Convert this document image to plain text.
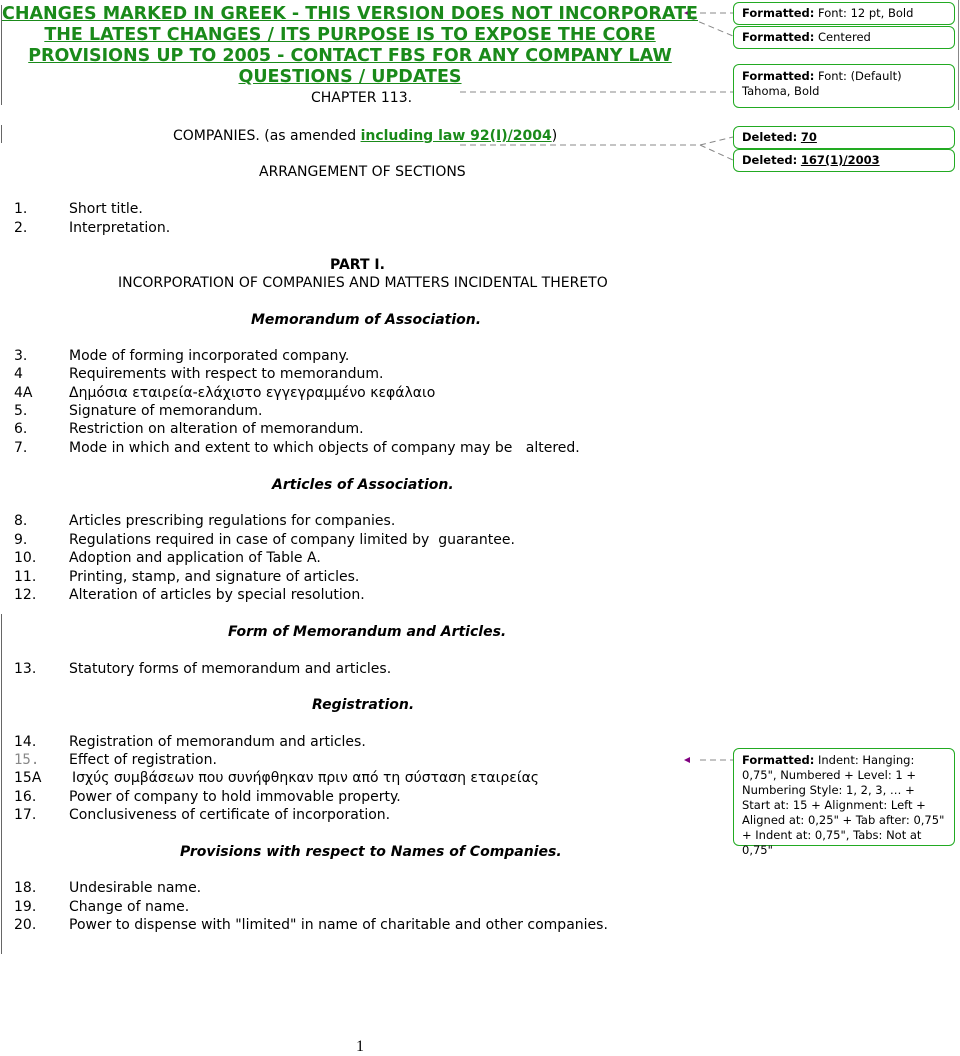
CHANGES MARKED IN GREEK - THIS VERSION DOES NOT INCORPORATE
THE LATEST CHANGES / ITS PURPOSE IS TO EXPOSE THE CORE
PROVISIONS UP TO 2005 - CONTACT FBS FOR ANY COMPANY LAW
QUESTIONS / UPDATES
CHAPTER 113.
COMPANIES. (as amended including law 92(I)/2004)
ARRANGEMENT OF SECTIONS
1.	Short title.
2.	Interpretation.
PART I.
INCORPORATION OF COMPANIES AND MATTERS INCIDENTAL THERETO
Memorandum of Association.
3.	Mode of forming incorporated company.
4	Requirements with respect to memorandum.
4A	Δημόσια εταιρεία-ελάχιστο εγγεγραμμένο κεφάλαιο
5.	Signature of memorandum.
6.	Restriction on alteration of memorandum.
7.	Mode in which and extent to which objects of company may be   altered.
Articles of Association.
8.	Articles prescribing regulations for companies.
9.	Regulations required in case of company limited by  guarantee.
10. Adoption and application of Table A.
11. Printing, stamp, and signature of articles.
12. Alteration of articles by special resolution.
Form of Memorandum and Articles.
13. Statutory forms of memorandum and articles.
Registration.
14. Registration of memorandum and articles.
15. Effect of registration.
15A Ισχύς συμβάσεων που συνήφθηκαν πριν από τη σύσταση εταιρείας
16. Power of company to hold immovable property.
17. Conclusiveness of certificate of incorporation.
Provisions with respect to Names of Companies.
18. Undesirable name.
19. Change of name.
20. Power to dispense with "limited" in name of charitable and other companies.
Formatted: Font: 12 pt, Bold
Formatted: Centered
Formatted: Font: (Default) Tahoma, Bold
Deleted: 70
Deleted: 167(1)/2003
Formatted: Indent: Hanging: 0,75", Numbered + Level: 1 + Numbering Style: 1, 2, 3, … + Start at: 15 + Alignment: Left + Aligned at: 0,25" + Tab after: 0,75" + Indent at: 0,75", Tabs: Not at 0,75"
1
